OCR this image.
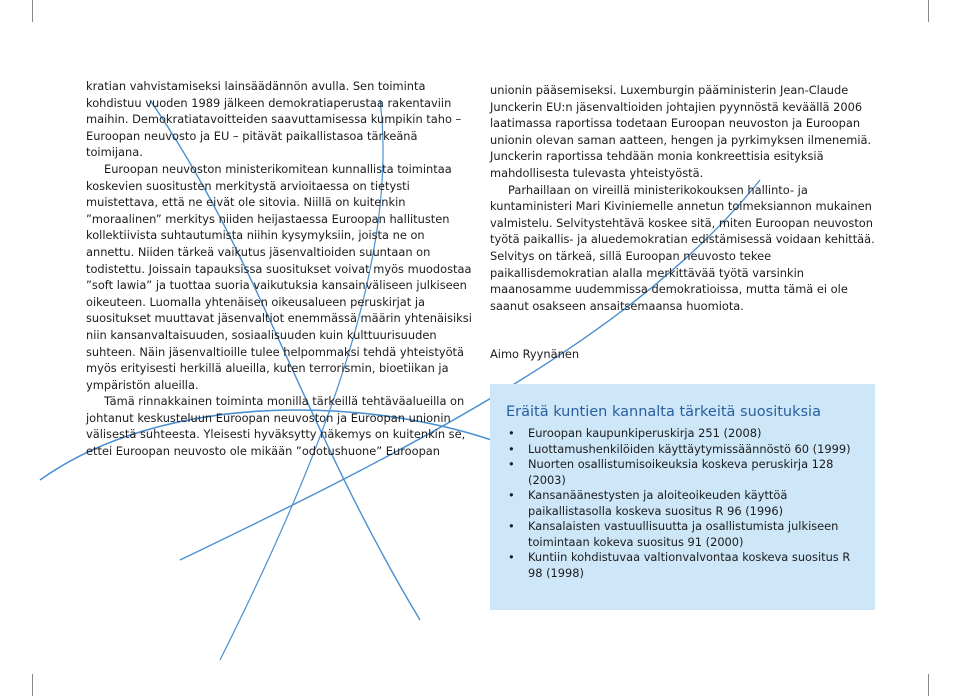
kratian vahvistamiseksi lainsäädännön avulla. Sen toiminta kohdistuu vuoden 1989 jälkeen demokratiaperustaa rakentaviin maihin. Demokratiatavoitteiden saavuttamisessa kumpikin taho – Euroopan neuvosto ja EU – pitävät paikallistasoa tärkeänä toimijana.

Euroopan neuvoston ministerikomitean kunnallista toimintaa koskevien suositusten merkitystä arvioitaessa on tietysti muistettava, että ne eivät ole sitovia. Niillä on kuitenkin ”moraalinen” merkitys niiden heijastaessa Euroopan hallitusten kollektiivista suhtautumista niihin kysymyksiin, joista ne on annettu. Niiden tärkeä vaikutus jäsenvaltioiden suuntaan on todistettu. Joissain tapauksissa suositukset voivat myös muodostaa ”soft lawia” ja tuottaa suoria vaikutuksia kansainväliseen julkiseen oikeuteen. Luomalla yhtenäisen oikeusalueen peruskirjat ja suositukset muuttavat jäsenvaltiot enemmässä määrin yhtenäisiksi niin kansanvaltaisuuden, sosiaalisuuden kuin kulttuurisuuden suhteen. Näin jäsenvaltioille tulee helpommaksi tehdä yhteistyötä myös erityisesti herkillä alueilla, kuten terrorismin, bioetiikan ja ympäristön alueilla.

Tämä rinnakkainen toiminta monilla tärkeillä tehtäväalueilla on johtanut keskusteluun Euroopan neuvoston ja Euroopan unionin välisestä suhteesta. Yleisesti hyväksytty näkemys on kuitenkin se, ettei Euroopan neuvosto ole mikään ”odotushuone” Euroopan

unionin pääsemiseksi. Luxemburgin pääministerin Jean-Claude Junckerin EU:n jäsenvaltioiden johtajien pyynnöstä keväällä 2006 laatimassa raportissa todetaan Euroopan neuvoston ja Euroopan unionin olevan saman aatteen, hengen ja pyrkimyksen ilmenemiä. Junckerin raportissa tehdään monia konkreettisia esityksiä mahdollisesta tulevasta yhteistyöstä.

Parhaillaan on vireillä ministerikokouksen hallinto- ja kuntaministeri Mari Kiviniemelle annetun toimeksiannon mukainen valmistelu. Selvitystehtävä koskee sitä, miten Euroopan neuvoston työtä paikallis- ja aluedemokratian edistämisessä voidaan kehittää. Selvitys on tärkeä, sillä Euroopan neuvosto tekee paikallisdemokratian alalla merkittävää työtä varsinkin maanosamme uudemmissa demokratioissa, mutta tämä ei ole saanut osakseen ansaitsemaansa huomiota.

Aimo Ryynänen
Eräitä kuntien kannalta tärkeitä suosituksia
• Euroopan kaupunkiperuskirja 251 (2008)
• Luottamushenkilöiden käyttäytymissäännöstö 60 (1999)
• Nuorten osallistumisoikeuksia koskeva peruskirja 128 (2003)
• Kansanäänestysten ja aloiteoikeuden käyttöä paikallistasolla koskeva suositus R 96 (1996)
• Kansalaisten vastuullisuutta ja osallistumista julkiseen toimintaan kokeva suositus 91 (2000)
• Kuntiin kohdistuvaa valtionvalvontaa koskeva suositus R 98 (1998)
